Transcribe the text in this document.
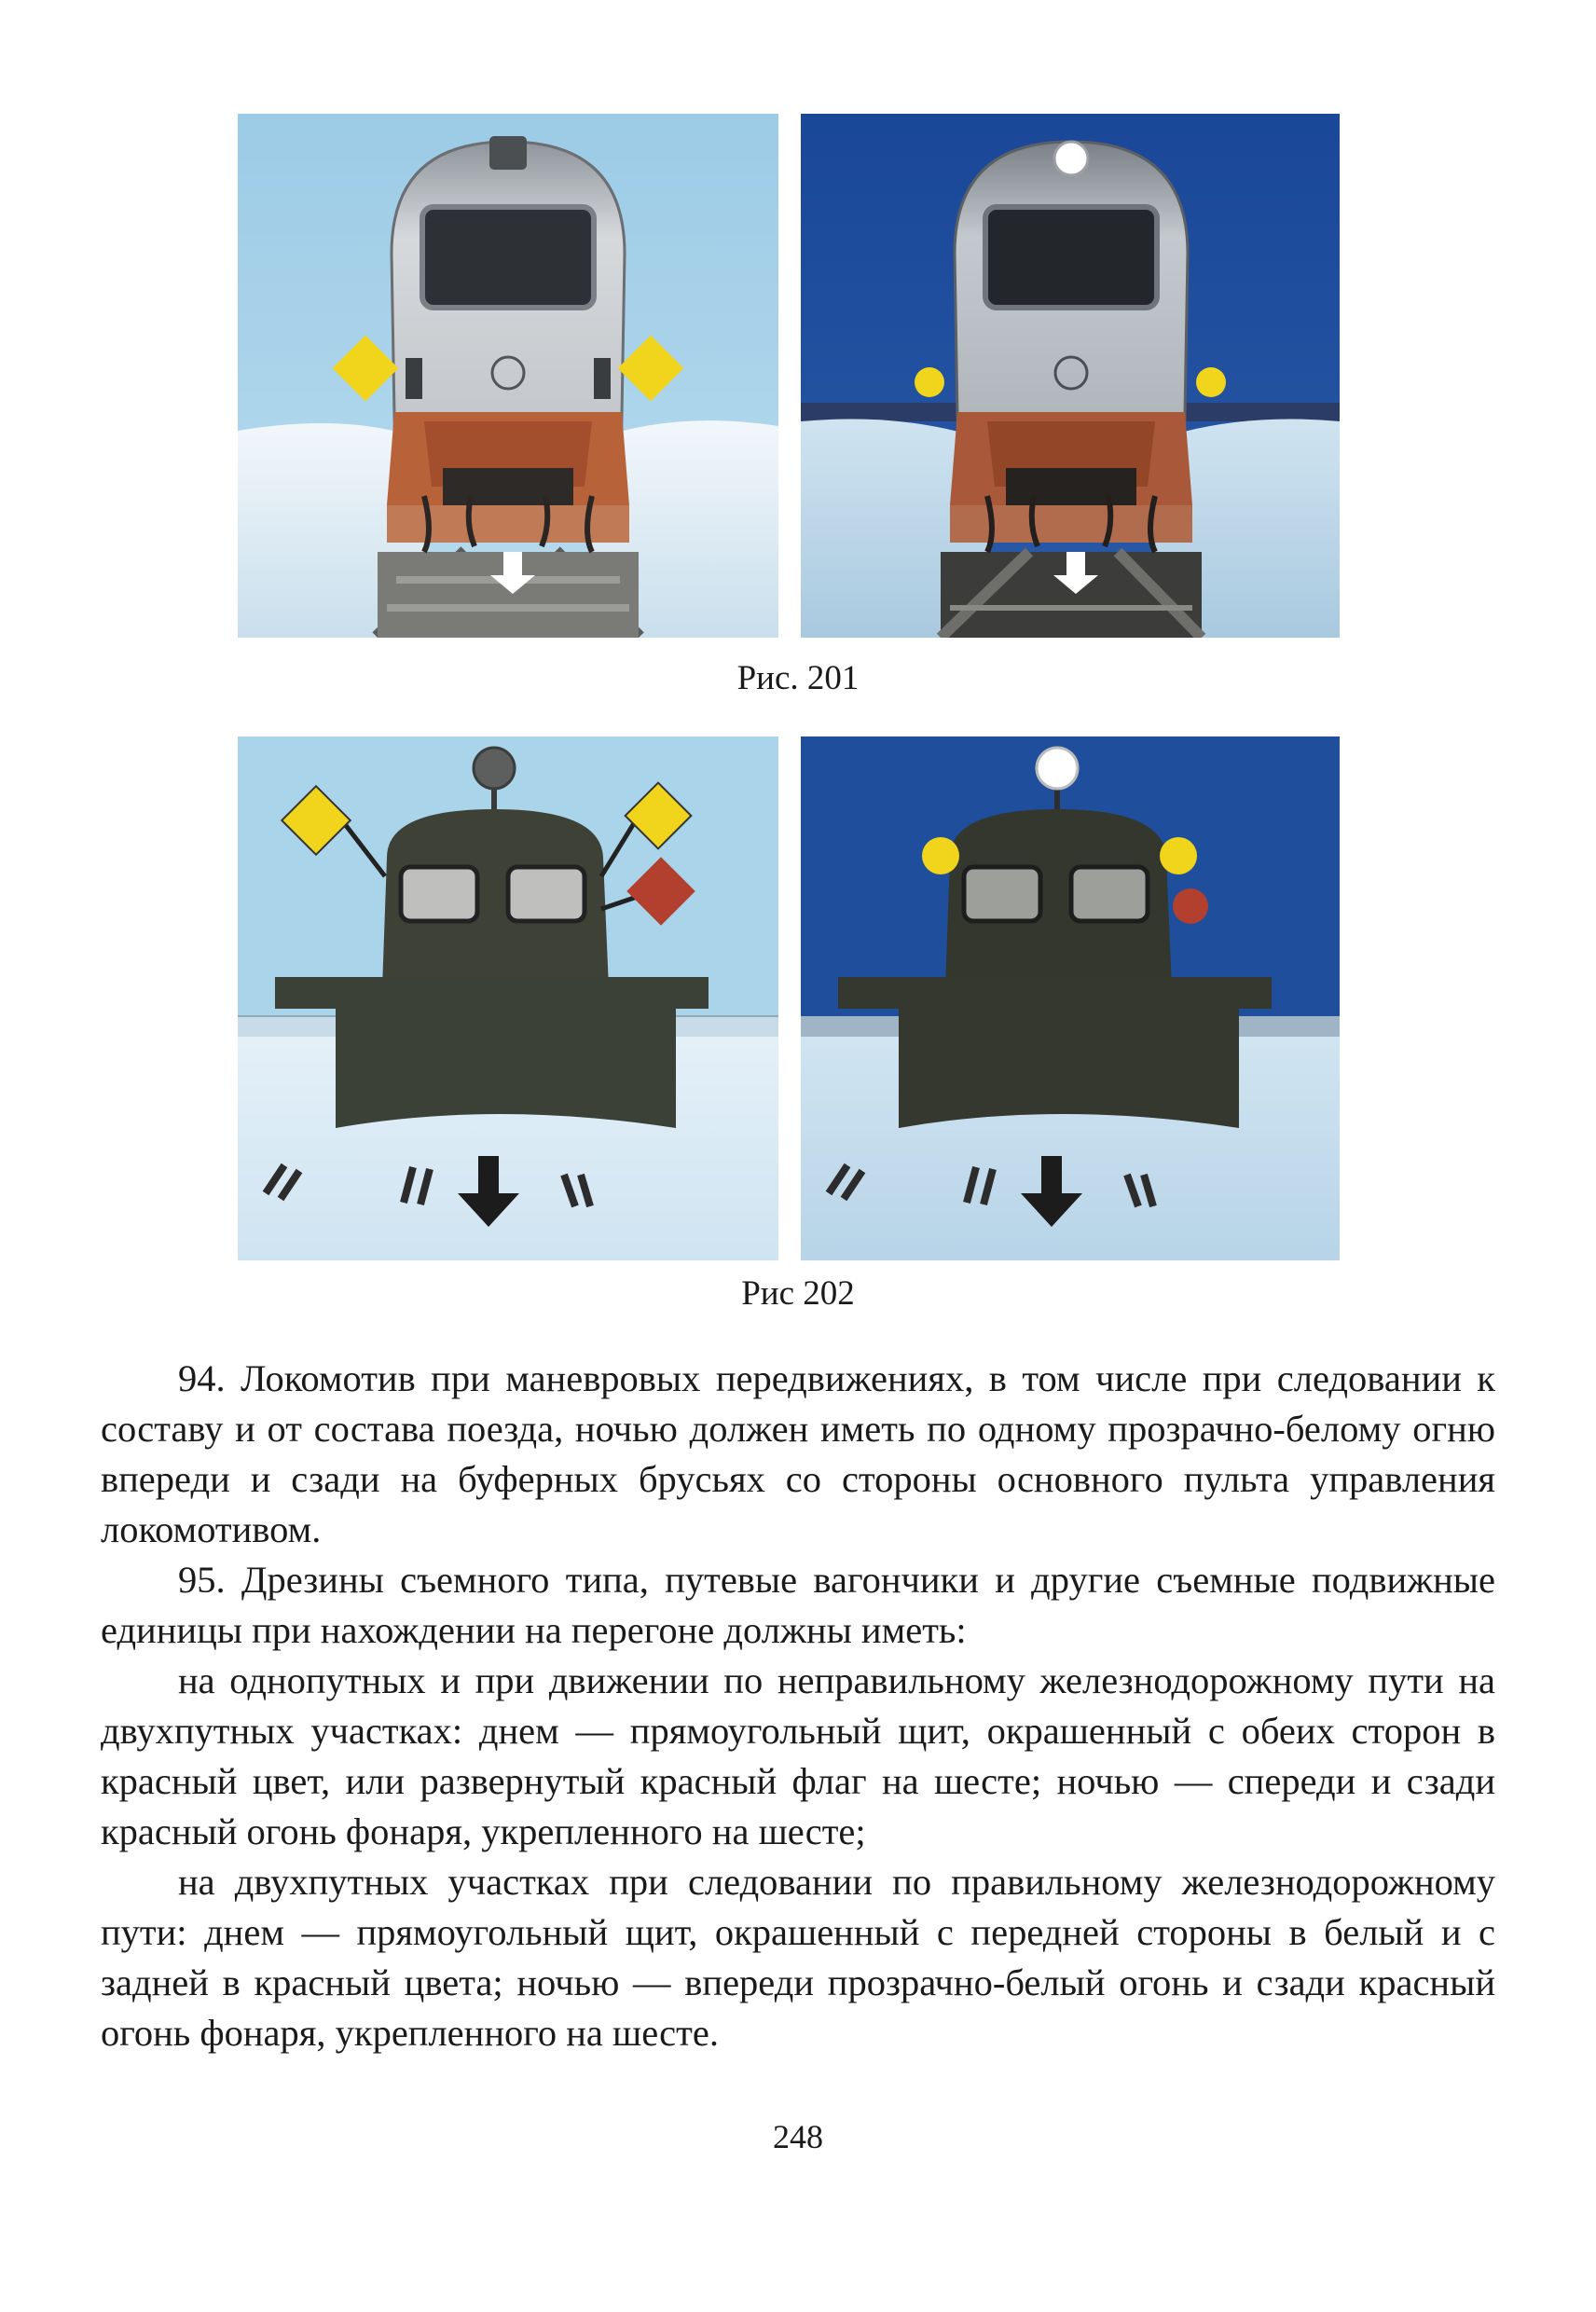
Рис. 201
Рис 202

94. Локомотив при маневровых передвижениях, в том числе при следовании к составу и от состава поезда, ночью должен иметь по одному прозрачно-белому огню впереди и сзади на буферных брусьях со стороны основного пульта управления локомотивом.

95. Дрезины съемного типа, путевые вагончики и другие съемные подвижные единицы при нахождении на перегоне должны иметь:

на однопутных и при движении по неправильному железнодорожному пути на двухпутных участках: днем — прямоугольный щит, окрашенный с обеих сторон в красный цвет, или развернутый красный флаг на шесте; ночью — спереди и сзади красный огонь фонаря, укрепленного на шесте;

на двухпутных участках при следовании по правильному железнодорожному пути: днем — прямоугольный щит, окрашенный с передней стороны в белый и с задней в красный цвета; ночью — впереди прозрачно-белый огонь и сзади красный огонь фонаря, укрепленного на шесте.

248
